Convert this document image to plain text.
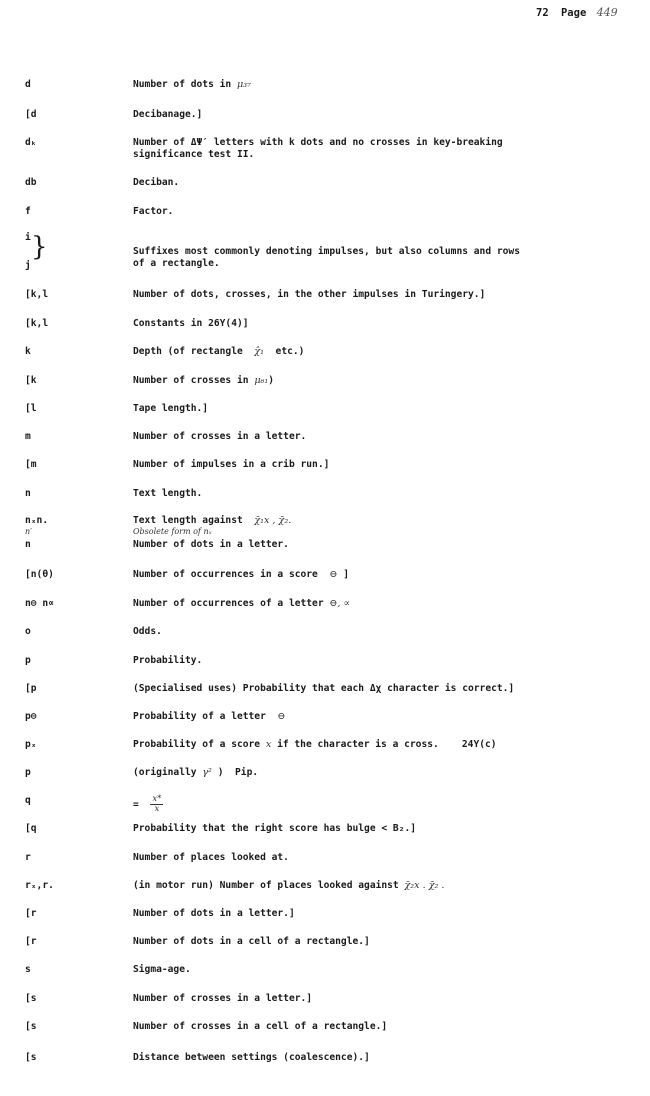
72 Page 449
d	Number of dots in μ₃₇
[d	Decibanage.]
dₖ	Number of ΔΨ′ letters with k dots and no crosses in key-breaking
significance test II.
db	Deciban.
f	Factor.
i
j
}	Suffixes most commonly denoting impulses, but also columns and rows
of a rectangle.
[k,l	Number of dots, crosses, in the other impulses in Turingery.]
[k,l	Constants in 26Y(4)]
k	Depth (of rectangle χ̂₁ etc.)
[k	Number of crosses in μ₆₁)
[l	Tape length.]
m	Number of crosses in a letter.
[m	Number of impulses in a crib run.]
n	Text length.
nₓn.	Text length against χ̄₁x , χ̄₂.
n′	Obsolete form of nₓ
n	Number of dots in a letter.
[n(θ)	Number of occurrences in a score ⊖ ]
n⊖ n∝	Number of occurrences of a letter ⊖, ∝
o	Odds.
p	Probability.
[p	(Specialised uses) Probability that each Δχ character is correct.]
p⊖	Probability of a letter ⊖
pₓ	Probability of a score x if the character is a cross.    24Y(c)
p	(originally γ² )  Pip.
q	= $\frac{x*}{x}$
[q	Probability that the right score has bulge < B₂.]
r	Number of places looked at.
rₓ,r.	(in motor run) Number of places looked against χ̄₂x . χ̄₂ .
[r	Number of dots in a letter.]
[r	Number of dots in a cell of a rectangle.]
s	Sigma-age.
[s	Number of crosses in a letter.]
[s	Number of crosses in a cell of a rectangle.]
[s	Distance between settings (coalescence).]
